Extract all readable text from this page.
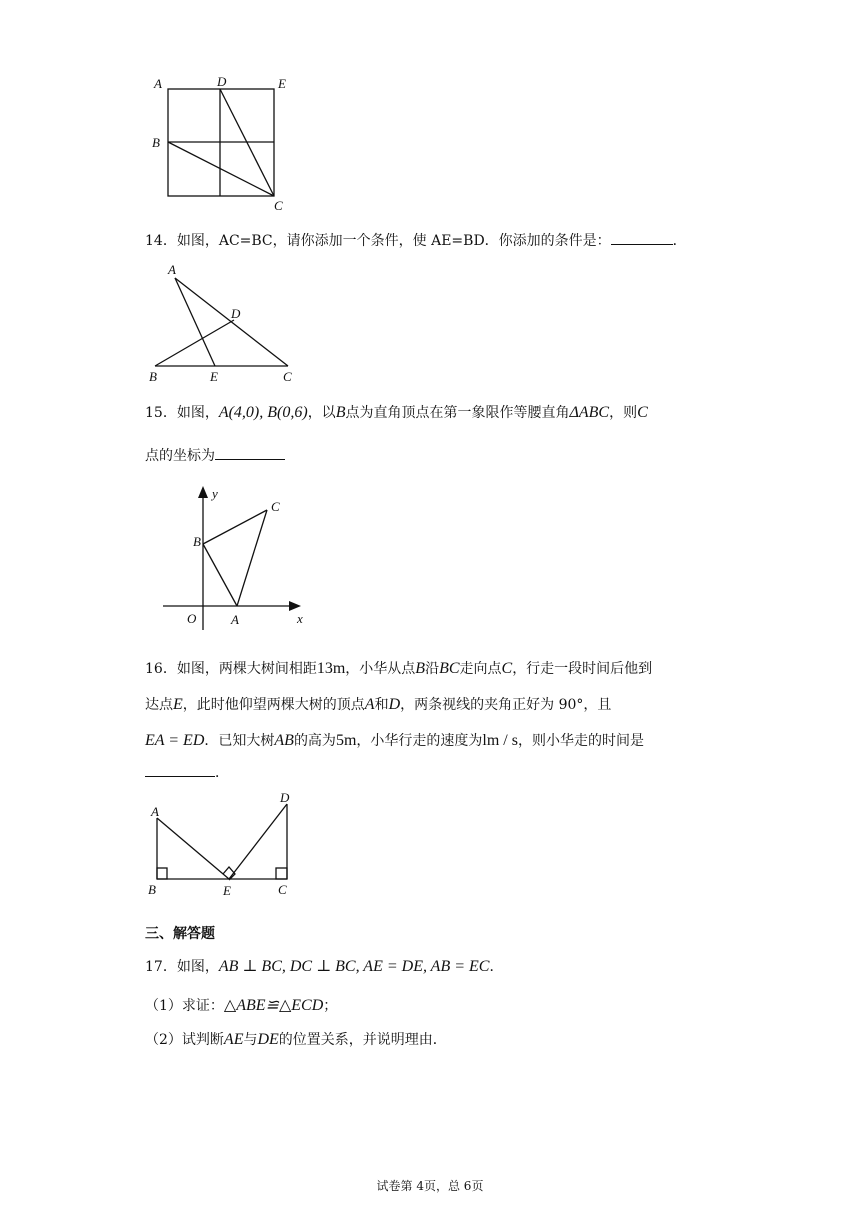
A	D	E
B
C
14．如图，AC=BC，请你添加一个条件，使 AE=BD．你添加的条件是：	．
A
D
B	E	C
15．如图，A(4,0), B(0,6)，以B点为直角顶点在第一象限作等腰直角ΔABC，则C
点的坐标为
y
C
B
O	A	x
16．如图，两棵大树间相距13m，小华从点B沿BC走向点C，行走一段时间后他到
达点E，此时他仰望两棵大树的顶点A和D，两条视线的夹角正好为 90°，且
EA = ED．已知大树AB的高为5m，小华行走的速度为lm / s，则小华走的时间是
．
A
D
B	E	C
三、解答题
17．如图，AB ⊥ BC, DC ⊥ BC, AE = DE, AB = EC．
（1）求证：△ABE≌△ECD；
（2）试判断AE与DE的位置关系，并说明理由．
试卷第 4页，总 6页
